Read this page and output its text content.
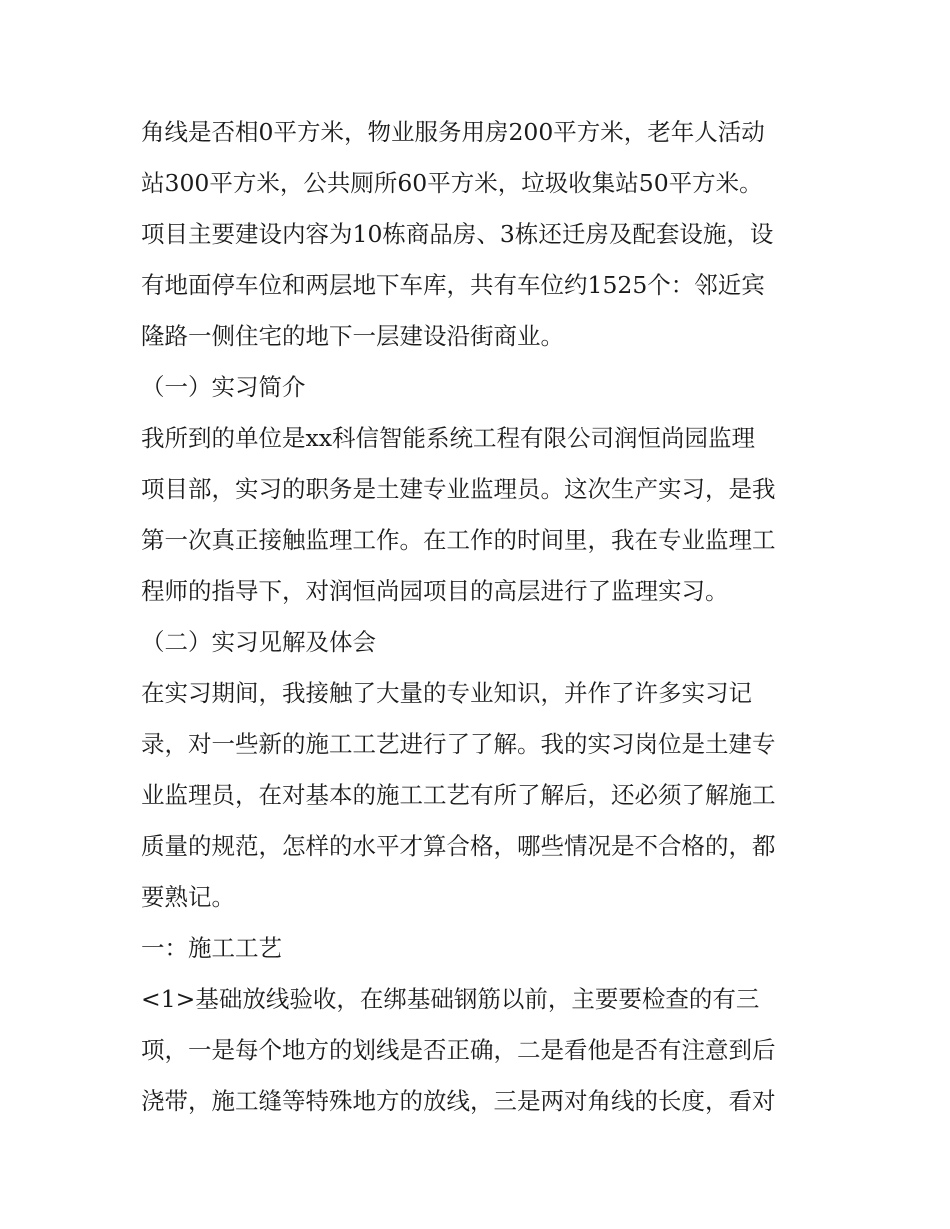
角线是否相0平方米，物业服务用房200平方米，老年人活动
站300平方米，公共厕所60平方米，垃圾收集站50平方米。
项目主要建设内容为10栋商品房、3栋还迁房及配套设施，设
有地面停车位和两层地下车库，共有车位约1525个：邻近宾
隆路一侧住宅的地下一层建设沿街商业。
（一）实习简介
我所到的单位是xx科信智能系统工程有限公司润恒尚园监理
项目部，实习的职务是土建专业监理员。这次生产实习，是我
第一次真正接触监理工作。在工作的时间里，我在专业监理工
程师的指导下，对润恒尚园项目的高层进行了监理实习。
（二）实习见解及体会
在实习期间，我接触了大量的专业知识，并作了许多实习记
录，对一些新的施工工艺进行了了解。我的实习岗位是土建专
业监理员，在对基本的施工工艺有所了解后，还必须了解施工
质量的规范，怎样的水平才算合格，哪些情况是不合格的，都
要熟记。
一：施工工艺
<1>基础放线验收，在绑基础钢筋以前，主要要检查的有三
项，一是每个地方的划线是否正确，二是看他是否有注意到后
浇带，施工缝等特殊地方的放线，三是两对角线的长度，看对
